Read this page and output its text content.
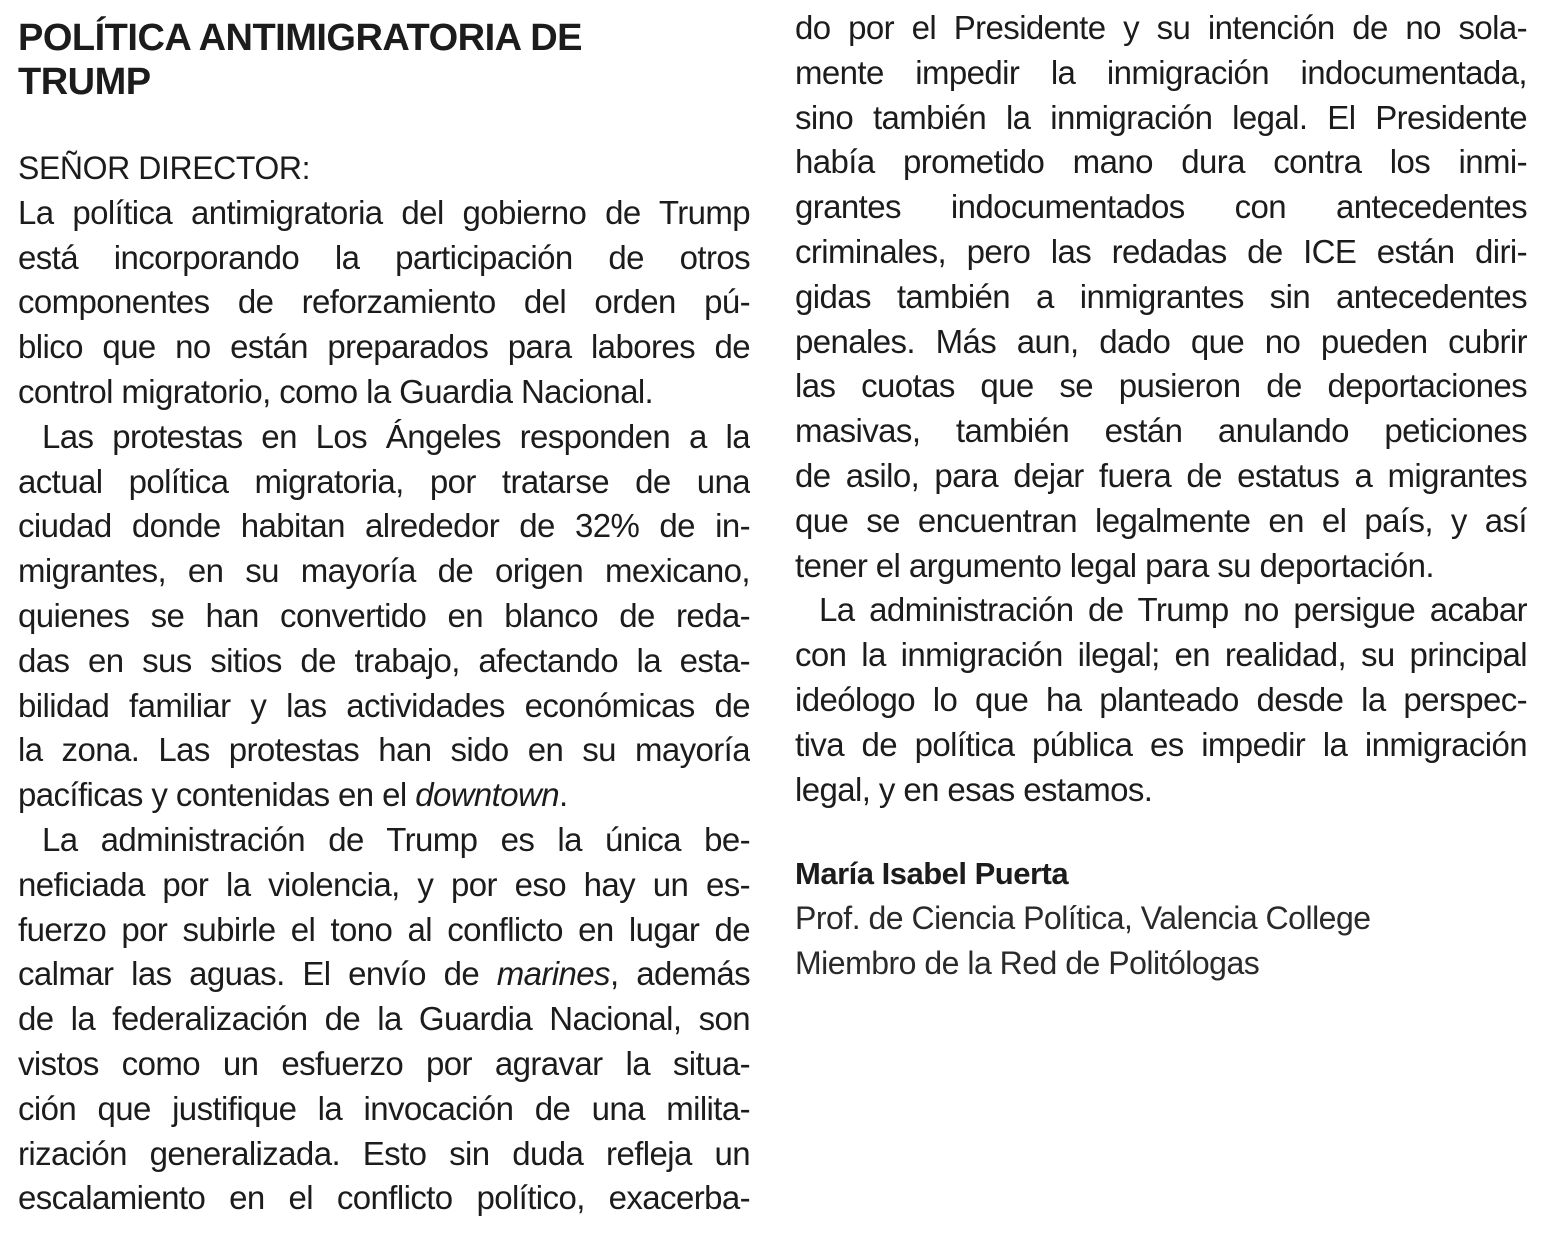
POLÍTICA ANTIMIGRATORIA DE
TRUMP
SEÑOR DIRECTOR:
La política antimigratoria del gobierno de Trump
está incorporando la participación de otros
componentes de reforzamiento del orden pú-
blico que no están preparados para labores de
control migratorio, como la Guardia Nacional.
Las protestas en Los Ángeles responden a la
actual política migratoria, por tratarse de una
ciudad donde habitan alrededor de 32% de in-
migrantes, en su mayoría de origen mexicano,
quienes se han convertido en blanco de reda-
das en sus sitios de trabajo, afectando la esta-
bilidad familiar y las actividades económicas de
la zona. Las protestas han sido en su mayoría
pacíficas y contenidas en el downtown.
La administración de Trump es la única be-
neficiada por la violencia, y por eso hay un es-
fuerzo por subirle el tono al conflicto en lugar de
calmar las aguas. El envío de marines, además
de la federalización de la Guardia Nacional, son
vistos como un esfuerzo por agravar la situa-
ción que justifique la invocación de una milita-
rización generalizada. Esto sin duda refleja un
escalamiento en el conflicto político, exacerba-
do por el Presidente y su intención de no sola-
mente impedir la inmigración indocumentada,
sino también la inmigración legal. El Presidente
había prometido mano dura contra los inmi-
grantes indocumentados con antecedentes
criminales, pero las redadas de ICE están diri-
gidas también a inmigrantes sin antecedentes
penales. Más aun, dado que no pueden cubrir
las cuotas que se pusieron de deportaciones
masivas, también están anulando peticiones
de asilo, para dejar fuera de estatus a migrantes
que se encuentran legalmente en el país, y así
tener el argumento legal para su deportación.
La administración de Trump no persigue acabar
con la inmigración ilegal; en realidad, su principal
ideólogo lo que ha planteado desde la perspec-
tiva de política pública es impedir la inmigración
legal, y en esas estamos.
María Isabel Puerta
Prof. de Ciencia Política, Valencia College
Miembro de la Red de Politólogas
